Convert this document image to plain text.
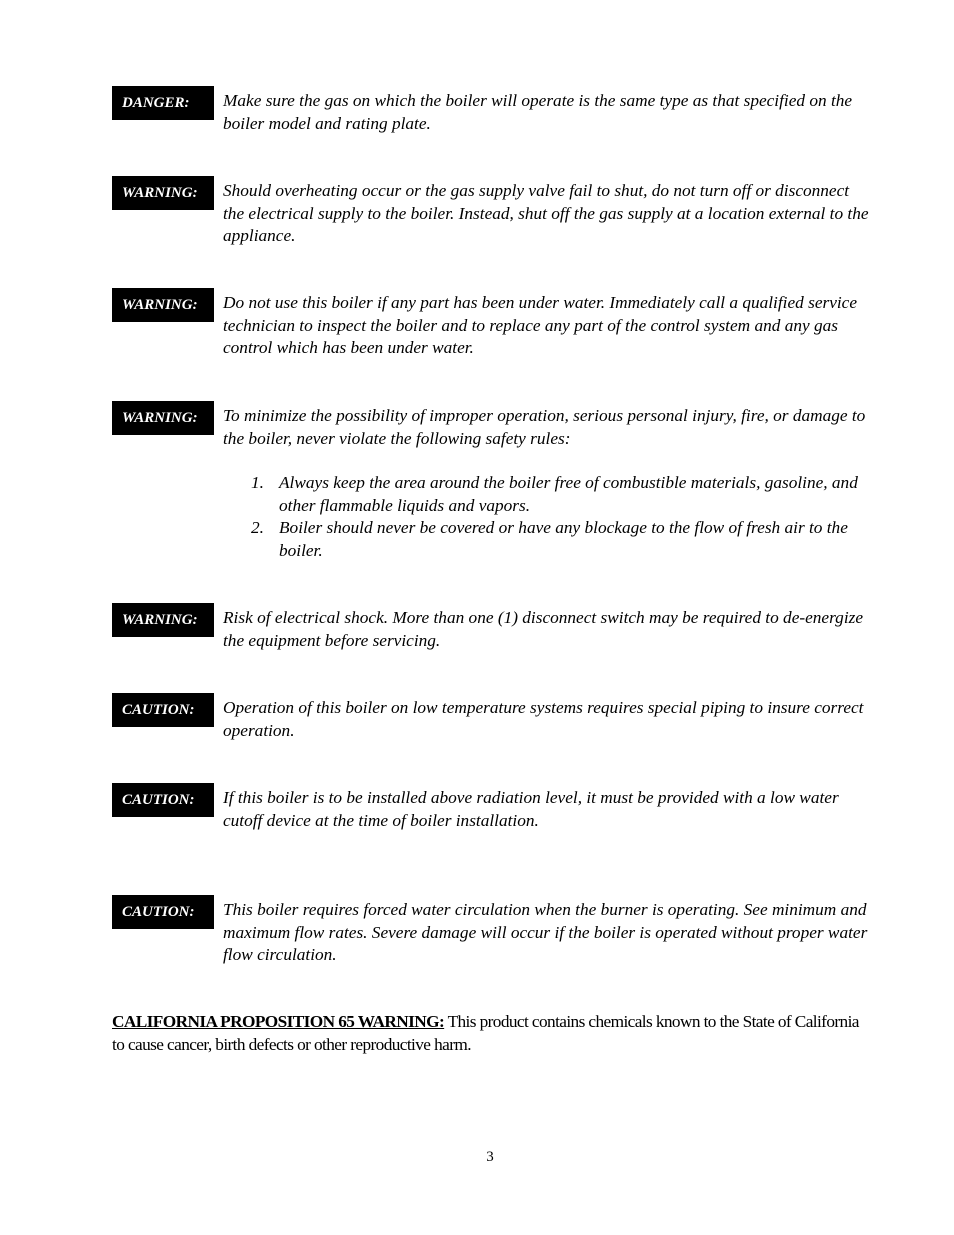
DANGER:	Make sure the gas on which the boiler will operate is the same type as that specified on the boiler model and rating plate.

WARNING:	Should overheating occur or the gas supply valve fail to shut, do not turn off or disconnect the electrical supply to the boiler. Instead, shut off the gas supply at a location external to the appliance.

WARNING:	Do not use this boiler if any part has been under water. Immediately call a qualified service technician to inspect the boiler and to replace any part of the control system and any gas control which has been under water.

WARNING:	To minimize the possibility of improper operation, serious personal injury, fire, or damage to the boiler, never violate the following safety rules:

1. Always keep the area around the boiler free of combustible materials, gasoline, and other flammable liquids and vapors.
2. Boiler should never be covered or have any blockage to the flow of fresh air to the boiler.
WARNING:	Risk of electrical shock. More than one (1) disconnect switch may be required to de-energize the equipment before servicing.

CAUTION:	Operation of this boiler on low temperature systems requires special piping to insure correct operation.

CAUTION:	If this boiler is to be installed above radiation level, it must be provided with a low water cutoff device at the time of boiler installation.

CAUTION:	This boiler requires forced water circulation when the burner is operating. See minimum and maximum flow rates. Severe damage will occur if the boiler is operated without proper water flow circulation.

CALIFORNIA PROPOSITION 65 WARNING: This product contains chemicals known to the State of California to cause cancer, birth defects or other reproductive harm.
3
